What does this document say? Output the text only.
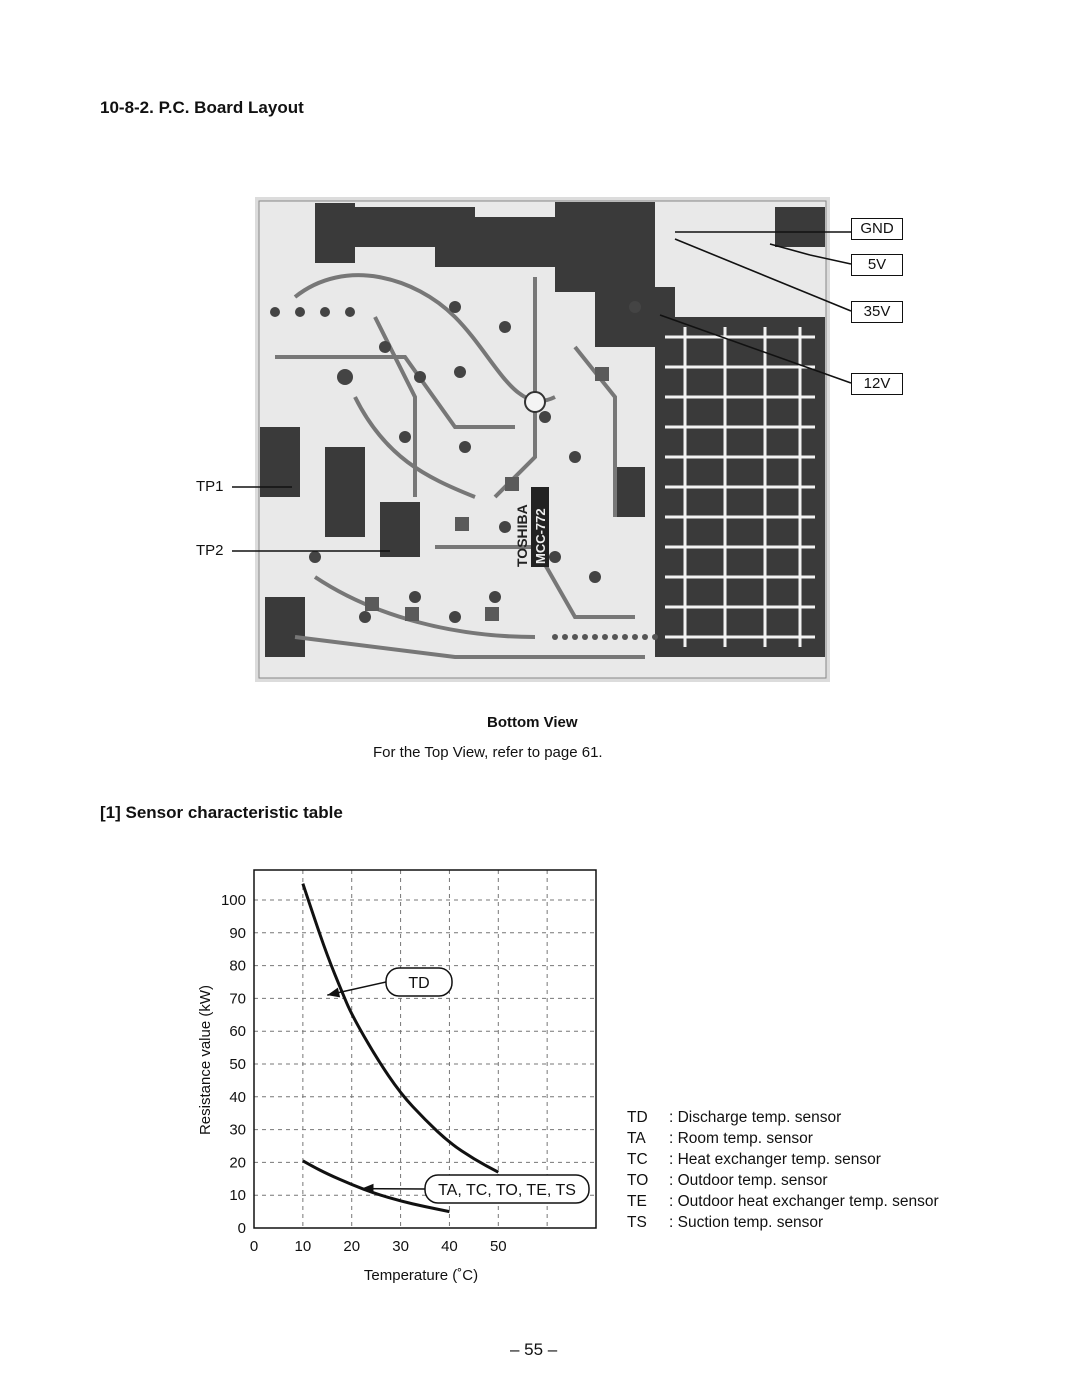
10-8-2. P.C. Board Layout
TOSHIBA MCC-772
TP1
TP2
GND
5V
35V
12V
Bottom View
For the Top View, refer to page 61.
[1] Sensor characteristic table
TD
TA, TC, TO, TE, TS
0
10
20
30
40
50
60
70
80
90
100
0 10 20 30 40 50
Resistance value (kW)
Temperature (˚C)
TD : Discharge temp. sensor
TA : Room temp. sensor
TC : Heat exchanger temp. sensor
TO : Outdoor temp. sensor
TE : Outdoor heat exchanger temp. sensor
TS : Suction temp. sensor
– 55 –
